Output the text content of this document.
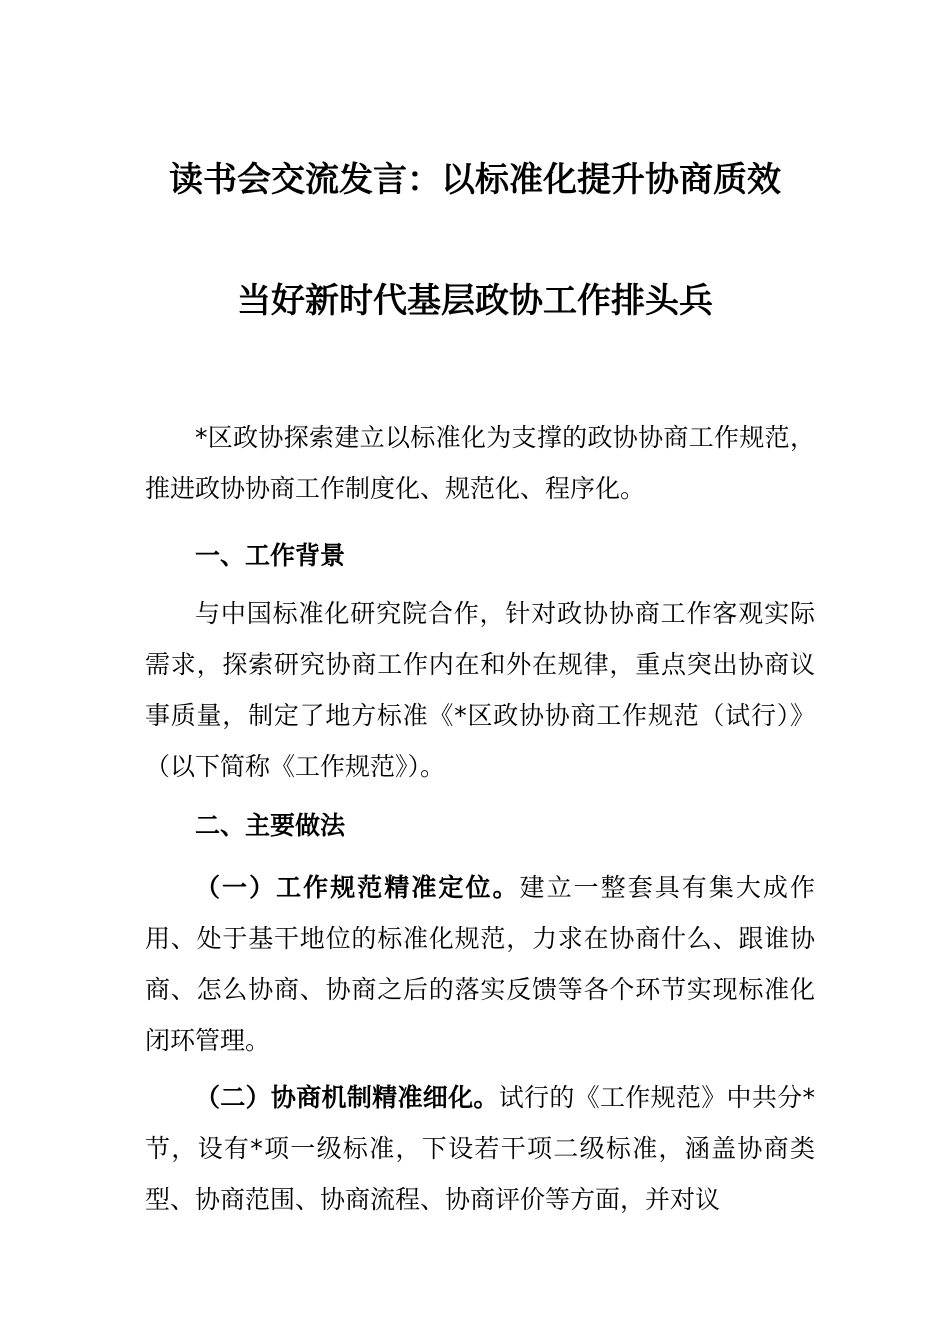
读书会交流发言：以标准化提升协商质效
当好新时代基层政协工作排头兵
*区政协探索建立以标准化为支撑的政协协商工作规范，推进政协协商工作制度化、规范化、程序化。
一、工作背景
与中国标准化研究院合作，针对政协协商工作客观实际需求，探索研究协商工作内在和外在规律，重点突出协商议事质量，制定了地方标准《*区政协协商工作规范（试行）》（以下简称《工作规范》）。
二、主要做法
（一）工作规范精准定位。建立一整套具有集大成作用、处于基干地位的标准化规范，力求在协商什么、跟谁协商、怎么协商、协商之后的落实反馈等各个环节实现标准化闭环管理。
（二）协商机制精准细化。试行的《工作规范》中共分*节，设有*项一级标准，下设若干项二级标准，涵盖协商类型、协商范围、协商流程、协商评价等方面，并对议
